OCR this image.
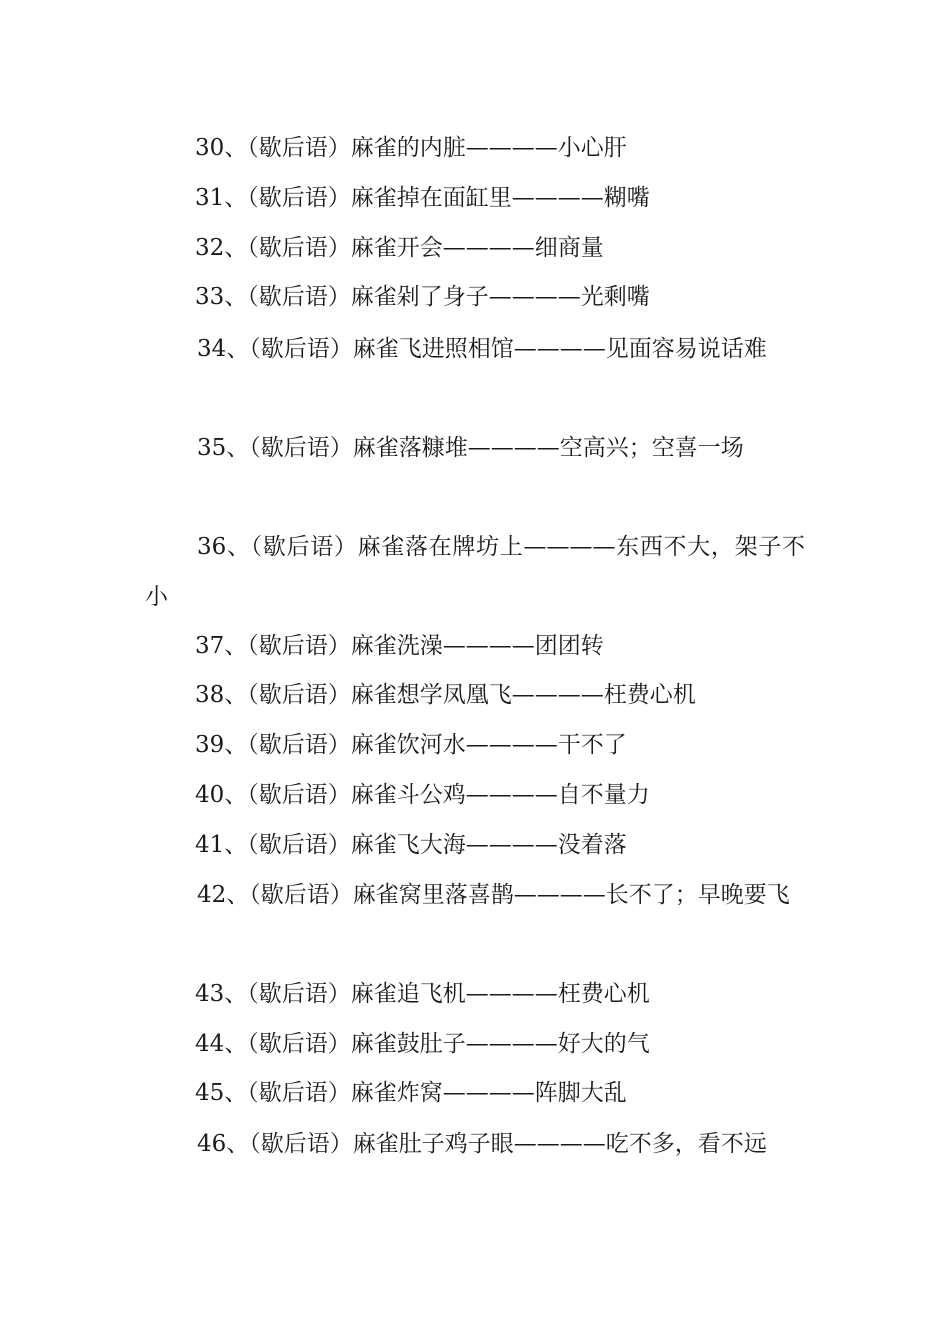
30、（歇后语）麻雀的内脏————小心肝

31、（歇后语）麻雀掉在面缸里————糊嘴

32、（歇后语）麻雀开会————细商量

33、（歇后语）麻雀剁了身子————光剩嘴

34、（歇后语）麻雀飞进照相馆————见面容易说话难

35、（歇后语）麻雀落糠堆————空高兴；空喜一场

36、（歇后语）麻雀落在牌坊上————东西不大，架子不小

37、（歇后语）麻雀洗澡————团团转

38、（歇后语）麻雀想学凤凰飞————枉费心机

39、（歇后语）麻雀饮河水————干不了

40、（歇后语）麻雀斗公鸡————自不量力

41、（歇后语）麻雀飞大海————没着落

42、（歇后语）麻雀窝里落喜鹊————长不了；早晚要飞

43、（歇后语）麻雀追飞机————枉费心机

44、（歇后语）麻雀鼓肚子————好大的气

45、（歇后语）麻雀炸窝————阵脚大乱

46、（歇后语）麻雀肚子鸡子眼————吃不多，看不远
